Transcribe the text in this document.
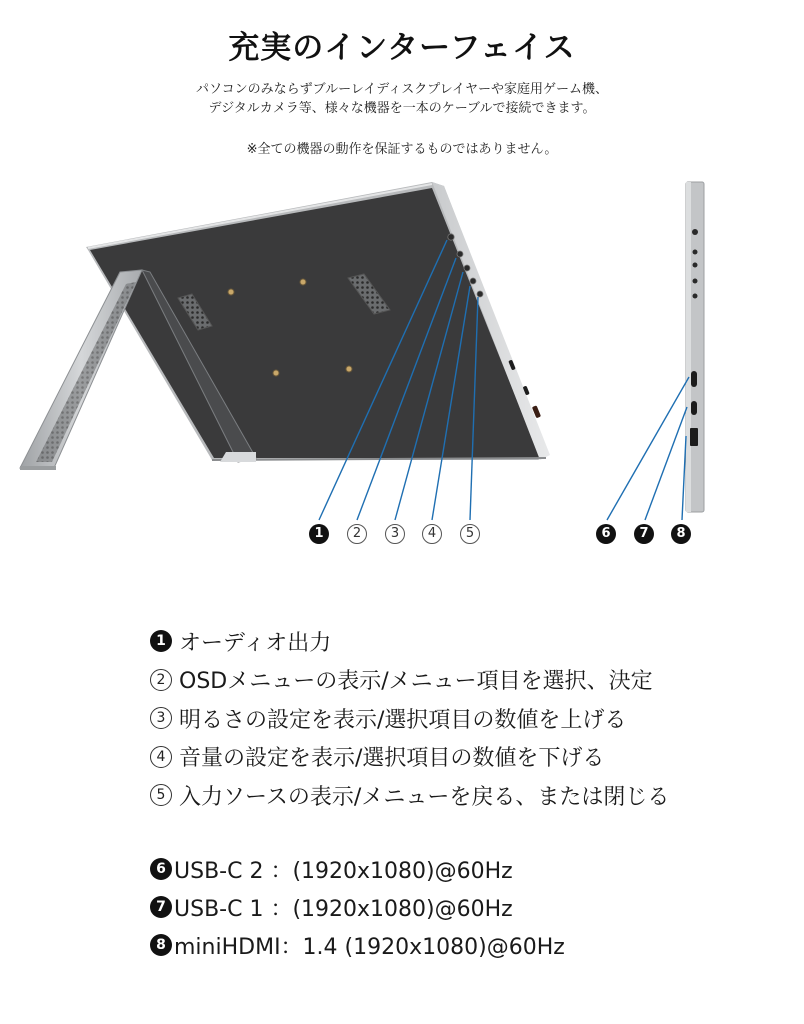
充実のインターフェイス
パソコンのみならずブルーレイディスクプレイヤーや家庭用ゲーム機、
デジタルカメラ等、様々な機器を一本のケーブルで接続できます。
※全ての機器の動作を保証するものではありません。
1	2	3	4	5	6	7	8
1 オーディオ出力
2 OSDメニューの表示/メニュー項目を選択、決定
3 明るさの設定を表示/選択項目の数値を上げる
4 音量の設定を表示/選択項目の数値を下げる
5 入力ソースの表示/メニューを戻る、または閉じる
6 USB-C 2 ：(1920x1080)@60Hz
7 USB-C 1 ：(1920x1080)@60Hz
8 miniHDMI：1.4 (1920x1080)@60Hz
